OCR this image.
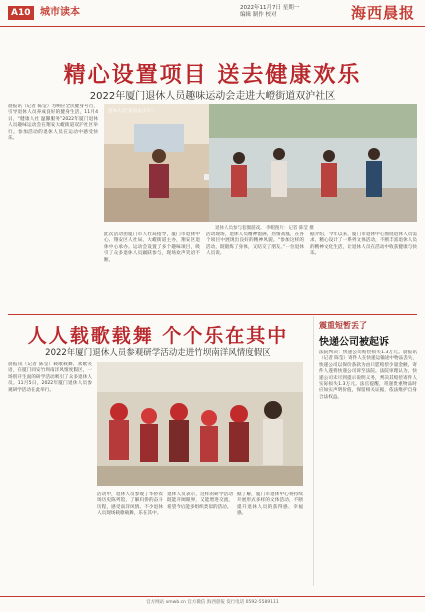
A10 城市读本	2022年11月7日 星期一
编辑 制作 校对	海西晨报
精心设置项目 送去健康欢乐
2022年厦门退休人员趣味运动会走进大嶝街道双沪社区
晨报讯（记者 陈莹）为响应全民健身号召，引导退休人员养成良好的健身生活，11月4日，“健康人社 温馨服务”2022年厦门退休人员趣味运动会在翔安大嶝街道双沪社区举行。参加活动的退休人员在运动中感受快乐。
退休人员“投石击小鸟”。
退休人员参与套圈游戏。 李帽图片：记者 陈莹 摄
此次活动由厦门市人社局指导，厦门市退休中心、翔安区人社局、大嶝街道主办，翔安区退休中心承办。运动会设置了多个趣味项目，吸引了众多退休人员踊跃参与，现场欢声笑语不断。
活动现场，退休人员精神饱满、热情高涨，在各个项目中展现出良好的精神风貌。“参加这样的活动，既锻炼了身体，又结交了朋友。”一位退休人员说。
据介绍，今年以来，厦门市退休中心围绕退休人员需求，精心设计了一系列文体活动，不断丰富退休人员的精神文化生活，让退休人员在活动中收获健康与快乐。
人人载歌载舞 个个乐在其中
2022年厦门退休人员参观研学活动走进竹坝南洋风情度假区
晨报讯（记者 陈莹）载歌载舞、欢歌笑语，在厦门同安竹坝南洋风情度假区，一场别开生面的研学活动吸引了众多退休人员。11月5日，2022年厦门退休人员参观研学活动在此举行。
活动中，退休人员参观了华侨农场历史陈列馆，了解归侨的奋斗历程，感受南洋风情。不少退休人员现场载歌载舞，乐在其中。
退休人员表示，这样的研学活动既能开阔眼界，又能增进交流，希望今后能多组织类似的活动。
据了解，厦门市退休中心将持续开展形式多样的文体活动，不断提升退休人员的获得感、幸福感。
震重短暂丢了
快递公司被起诉
法院判决：快递公司赔偿损失1.3万元。晨报讯（记者 陈莹）寄件人在快递运输途中物品丢失，快递公司以保价条款为由只愿赔偿少量金额，寄件人遂将快递公司诉至法院。法院审理认为，快递公司未尽到提示说明义务，判决其赔偿寄件人实际损失1.3万元。法官提醒，寄递贵重物品时应如实声明价值，保留相关证据，依法维护自身合法权益。
官方网站 xmwb.cn 官方微信 海西晨报 发行电话 0592-5589111
